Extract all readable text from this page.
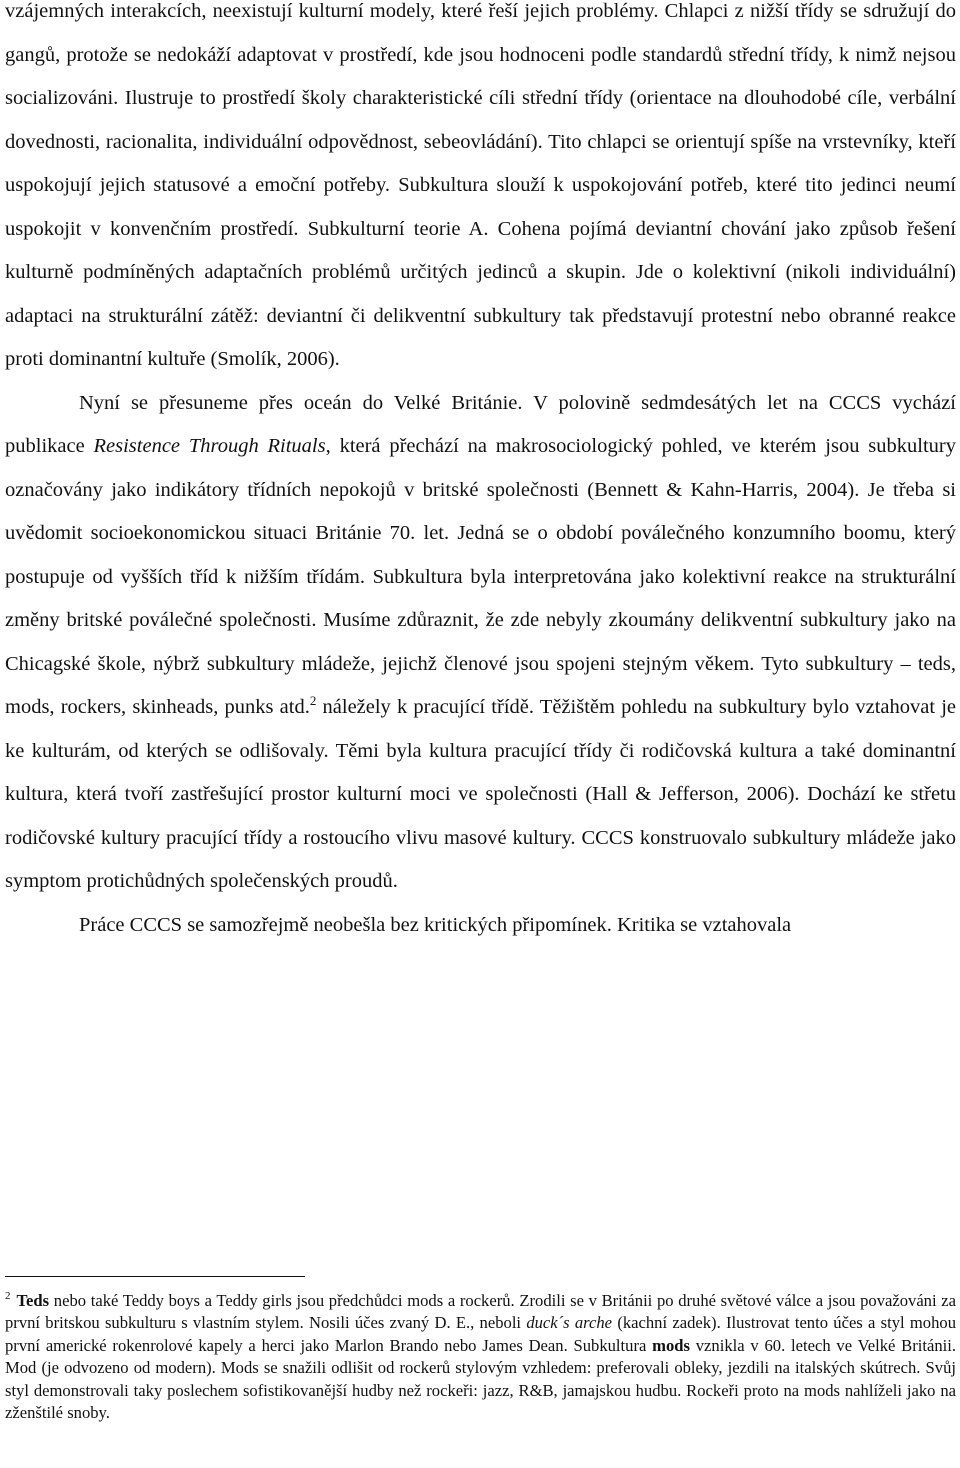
vzájemných interakcích, neexistují kulturní modely, které řeší jejich problémy. Chlapci z nižší třídy se sdružují do gangů, protože se nedokáží adaptovat v prostředí, kde jsou hodnoceni podle standardů střední třídy, k nimž nejsou socializováni. Ilustruje to prostředí školy charakteristické cíli střední třídy (orientace na dlouhodobé cíle, verbální dovednosti, racionalita, individuální odpovědnost, sebeovládání). Tito chlapci se orientují spíše na vrstevníky, kteří uspokojují jejich statusové a emoční potřeby. Subkultura slouží k uspokojování potřeb, které tito jedinci neumí uspokojit v konvenčním prostředí. Subkulturní teorie A. Cohena pojímá deviantní chování jako způsob řešení kulturně podmíněných adaptačních problémů určitých jedinců a skupin. Jde o kolektivní (nikoli individuální) adaptaci na strukturální zátěž: deviantní či delikventní subkultury tak představují protestní nebo obranné reakce proti dominantní kultuře (Smolík, 2006).

Nyní se přesuneme přes oceán do Velké Británie. V polovině sedmdesátých let na CCCS vychází publikace Resistence Through Rituals, která přechází na makrosociologický pohled, ve kterém jsou subkultury označovány jako indikátory třídních nepokojů v britské společnosti (Bennett & Kahn-Harris, 2004). Je třeba si uvědomit socioekonomickou situaci Británie 70. let. Jedná se o období poválečného konzumního boomu, který postupuje od vyšších tříd k nižším třídám. Subkultura byla interpretována jako kolektivní reakce na strukturální změny britské poválečné společnosti. Musíme zdůraznit, že zde nebyly zkoumány delikventní subkultury jako na Chicagské škole, nýbrž subkultury mládeže, jejichž členové jsou spojeni stejným věkem. Tyto subkultury – teds, mods, rockers, skinheads, punks atd.$^2$ náležely k pracující třídě. Těžištěm pohledu na subkultury bylo vztahovat je ke kulturám, od kterých se odlišovaly. Těmi byla kultura pracující třídy či rodičovská kultura a také dominantní kultura, která tvoří zastřešující prostor kulturní moci ve společnosti (Hall & Jefferson, 2006). Dochází ke střetu rodičovské kultury pracující třídy a rostoucího vlivu masové kultury. CCCS konstruovalo subkultury mládeže jako symptom protichůdných společenských proudů.

Práce CCCS se samozřejmě neobešla bez kritických připomínek. Kritika se vztahovala

$^2$ Teds nebo také Teddy boys a Teddy girls jsou předchůdci mods a rockerů. Zrodili se v Británii po druhé světové válce a jsou považováni za první britskou subkulturu s vlastním stylem. Nosili účes zvaný D. E., neboli duck´s arche (kachní zadek). Ilustrovat tento účes a styl mohou první americké rokenrolové kapely a herci jako Marlon Brando nebo James Dean. Subkultura mods vznikla v 60. letech ve Velké Británii. Mod (je odvozeno od modern). Mods se snažili odlišit od rockerů stylovým vzhledem: preferovali obleky, jezdili na italských skútrech. Svůj styl demonstrovali taky poslechem sofistikovanější hudby než rockeři: jazz, R&B, jamajskou hudbu. Rockeři proto na mods nahlíželi jako na zženštilé snoby.
